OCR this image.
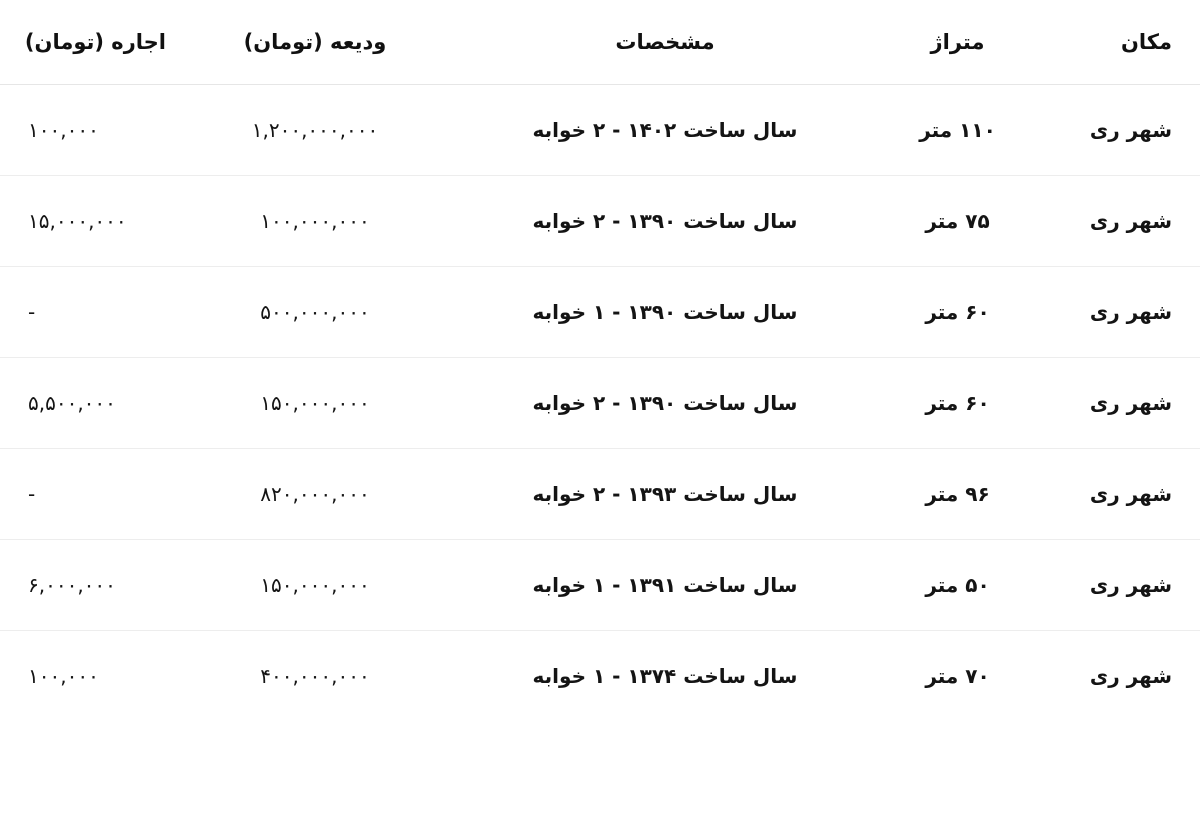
مکان	متراژ	مشخصات	ودیعه (تومان)	اجاره (تومان)
شهر ری	۱۱۰ متر	سال ساخت ۱۴۰۲ - ۲ خوابه	۱,۲۰۰,۰۰۰,۰۰۰	۱۰۰,۰۰۰
شهر ری	۷۵ متر	سال ساخت ۱۳۹۰ - ۲ خوابه	۱۰۰,۰۰۰,۰۰۰	۱۵,۰۰۰,۰۰۰
شهر ری	۶۰ متر	سال ساخت ۱۳۹۰ - ۱ خوابه	۵۰۰,۰۰۰,۰۰۰	-
شهر ری	۶۰ متر	سال ساخت ۱۳۹۰ - ۲ خوابه	۱۵۰,۰۰۰,۰۰۰	۵,۵۰۰,۰۰۰
شهر ری	۹۶ متر	سال ساخت ۱۳۹۳ - ۲ خوابه	۸۲۰,۰۰۰,۰۰۰	-
شهر ری	۵۰ متر	سال ساخت ۱۳۹۱ - ۱ خوابه	۱۵۰,۰۰۰,۰۰۰	۶,۰۰۰,۰۰۰
شهر ری	۷۰ متر	سال ساخت ۱۳۷۴ - ۱ خوابه	۴۰۰,۰۰۰,۰۰۰	۱۰۰,۰۰۰
